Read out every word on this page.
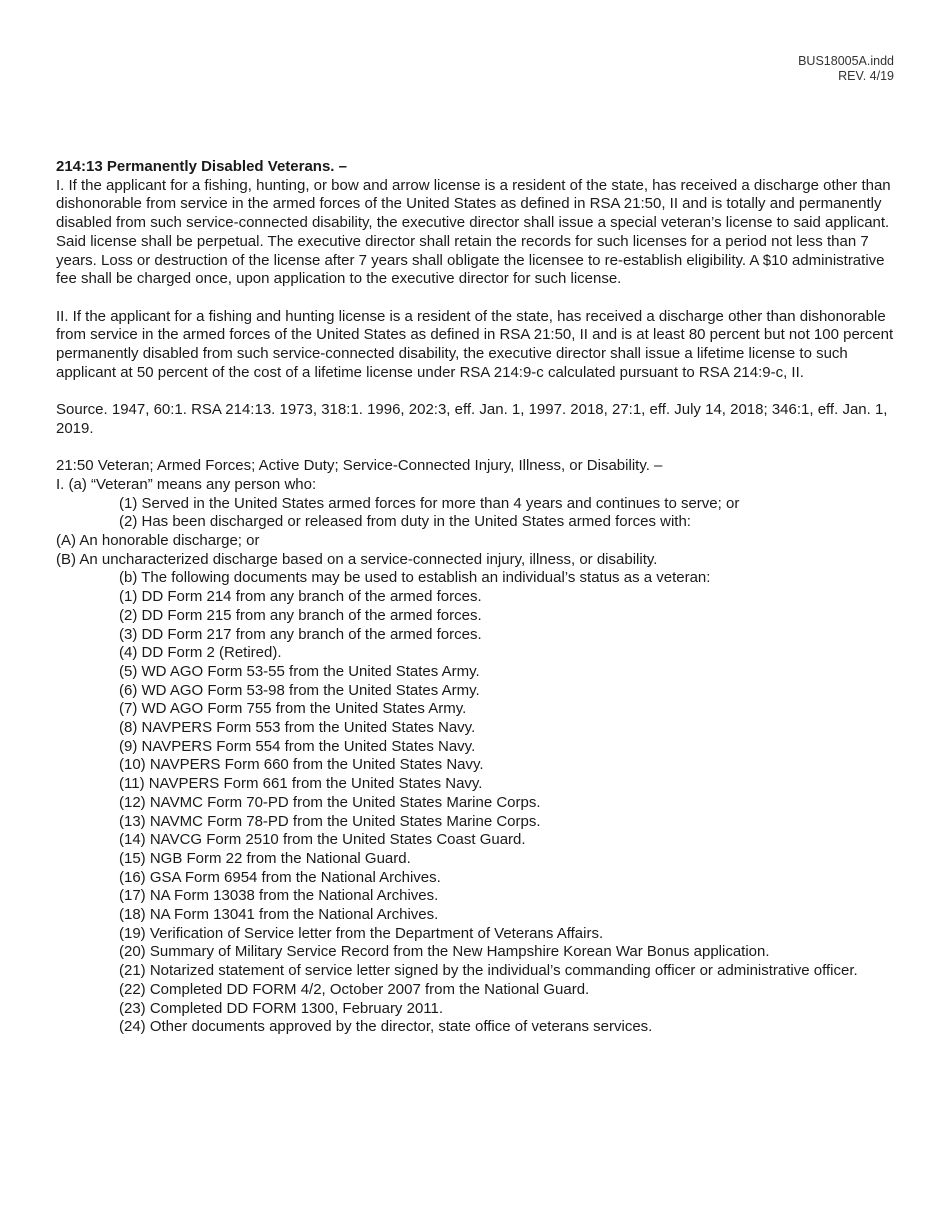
BUS18005A.indd
REV. 4/19

214:13 Permanently Disabled Veterans. –

I. If the applicant for a fishing, hunting, or bow and arrow license is a resident of the state, has received a discharge other than dishonorable from service in the armed forces of the United States as defined in RSA 21:50, II and is totally and permanently disabled from such service-connected disability, the executive director shall issue a special veteran’s license to said applicant. Said license shall be perpetual. The executive director shall retain the records for such licenses for a period not less than 7 years. Loss or destruction of the license after 7 years shall obligate the licensee to re-establish eligibility. A $10 administrative fee shall be charged once, upon application to the executive director for such license.

II. If the applicant for a fishing and hunting license is a resident of the state, has received a discharge other than dishonorable from service in the armed forces of the United States as defined in RSA 21:50, II and is at least 80 percent but not 100 percent permanently disabled from such service-connected disability, the executive director shall issue a lifetime license to such applicant at 50 percent of the cost of a lifetime license under RSA 214:9-c calculated pursuant to RSA 214:9-c, II.

Source. 1947, 60:1. RSA 214:13. 1973, 318:1. 1996, 202:3, eff. Jan. 1, 1997. 2018, 27:1, eff. July 14, 2018; 346:1, eff. Jan. 1, 2019.

21:50 Veteran; Armed Forces; Active Duty; Service-Connected Injury, Illness, or Disability. –

I. (a) “Veteran” means any person who:

(1) Served in the United States armed forces for more than 4 years and continues to serve; or

(2) Has been discharged or released from duty in the United States armed forces with:

(A) An honorable discharge; or

(B) An uncharacterized discharge based on a service-connected injury, illness, or disability.

(b) The following documents may be used to establish an individual’s status as a veteran:

(1) DD Form 214 from any branch of the armed forces.

(2) DD Form 215 from any branch of the armed forces.

(3) DD Form 217 from any branch of the armed forces.

(4) DD Form 2 (Retired).

(5) WD AGO Form 53-55 from the United States Army.

(6) WD AGO Form 53-98 from the United States Army.

(7) WD AGO Form 755 from the United States Army.

(8) NAVPERS Form 553 from the United States Navy.

(9) NAVPERS Form 554 from the United States Navy.

(10) NAVPERS Form 660 from the United States Navy.

(11) NAVPERS Form 661 from the United States Navy.

(12) NAVMC Form 70-PD from the United States Marine Corps.

(13) NAVMC Form 78-PD from the United States Marine Corps.

(14) NAVCG Form 2510 from the United States Coast Guard.

(15) NGB Form 22 from the National Guard.

(16) GSA Form 6954 from the National Archives.

(17) NA Form 13038 from the National Archives.

(18) NA Form 13041 from the National Archives.

(19) Verification of Service letter from the Department of Veterans Affairs.

(20) Summary of Military Service Record from the New Hampshire Korean War Bonus application.

(21) Notarized statement of service letter signed by the individual’s commanding officer or administrative officer.

(22) Completed DD FORM 4/2, October 2007 from the National Guard.

(23) Completed DD FORM 1300, February 2011.

(24) Other documents approved by the director, state office of veterans services.
